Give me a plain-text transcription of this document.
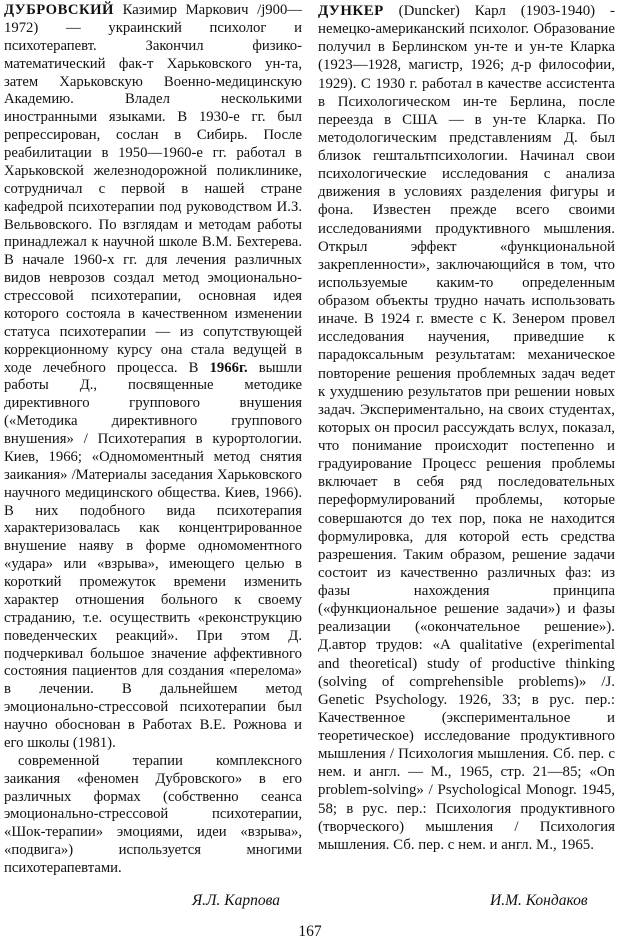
ДУБРОВСКИЙ Казимир Маркович /j900—1972) — украинский психолог и психотерапевт. Закончил физико-математический фак-т Харьковского ун-та, затем Харьковскую Военно-медицинскую Академию. Владел несколькими иностранными языками. В 1930-е гг. был репрессирован, сослан в Сибирь. После реабилитации в 1950—1960-е гг. работал в Харьковской железнодорожной поликлинике, сотрудничал с первой в нашей стране кафедрой психотерапии под руководством И.З. Вельвовского. По взглядам и методам работы принадлежал к научной школе В.М. Бехтерева. В начале 1960-х гг. для лечения различных видов неврозов создал метод эмоционально-стрессовой психотерапии, основная идея которого состояла в качественном изменении статуса психотерапии — из сопутствующей коррекционному курсу она стала ведущей в ходе лечебного процесса. В 1966г. вышли работы Д., посвященные методике директивного группового внушения («Методика директивного группового внушения» / Психотерапия в курортологии. Киев, 1966; «Одномоментный метод снятия заикания» /Материалы заседания Харьковского научного медицинского общества. Киев, 1966). В них подобного вида психотерапия характеризовалась как концентрированное внушение наяву в форме одномоментного «удара» или «взрыва», имеющего целью в короткий промежуток времени изменить характер отношения больного к своему страданию, т.е. осуществить «реконструкцию поведенческих реакций». При этом Д. подчеркивал большое значение аффективного состояния пациентов для создания «перелома» в лечении. В дальнейшем метод эмоционально-стрессовой психотерапии был научно обоснован в Работах В.Е. Рожнова и его школы (1981).

современной терапии комплексного заикания «феномен Дубровского» в его различных формах (собственно сеанса эмоционально-стрессовой психотерапии, «Шок-терапии» эмоциями, идеи «взрыва», «подвига») используется многими психотерапевтами.

ДУНКЕР (Duncker) Карл (1903-1940) - немецко-американский психолог. Образование получил в Берлинском ун-те и ун-те Кларка (1923—1928, магистр, 1926; д-р философии, 1929). С 1930 г. работал в качестве ассистента в Психологическом ин-те Берлина, после переезда в США — в ун-те Кларка. По методологическим представлениям Д. был близок гештальтпсихологии. Начинал свои психологические исследования с анализа движения в условиях разделения фигуры и фона. Известен прежде всего своими исследованиями продуктивного мышления. Открыл эффект «функциональной закрепленности», заключающийся в том, что используемые каким-то определенным образом объекты трудно начать использовать иначе. В 1924 г. вместе с К. Зенером провел исследования научения, приведшие к парадоксальным результатам: механическое повторение решения проблемных задач ведет к ухудшению результатов при решении новых задач. Экспериментально, на своих студентах, которых он просил рассуждать вслух, показал, что понимание происходит постепенно и градуирование Процесс решения проблемы включает в себя ряд последовательных переформулирований проблемы, которые совершаются до тех пор, пока не находится формулировка, для которой есть средства разрешения. Таким образом, решение задачи состоит из качественно различных фаз: из фазы нахождения принципа («функциональное решение задачи») и фазы реализации («окончательное решение»). Д.автор трудов: «A qualitative (experimental and theoretical) study of productive thinking (solving of comprehensible problems)» /J. Genetic Psychology. 1926, 33; в рус. пер.: Качественное (экспериментальное и теоретическое) исследование продуктивного мышления / Психология мышления. Сб. пер. с нем. и англ. — М., 1965, стр. 21—85; «On problem-solving» / Psychological Monogr. 1945, 58; в рус. пер.: Психология продуктивного (творческого) мышления / Психология мышления. Сб. пер. с нем. и англ. М., 1965.

Я.Л. Карпова	И.М. Кондаков
167
